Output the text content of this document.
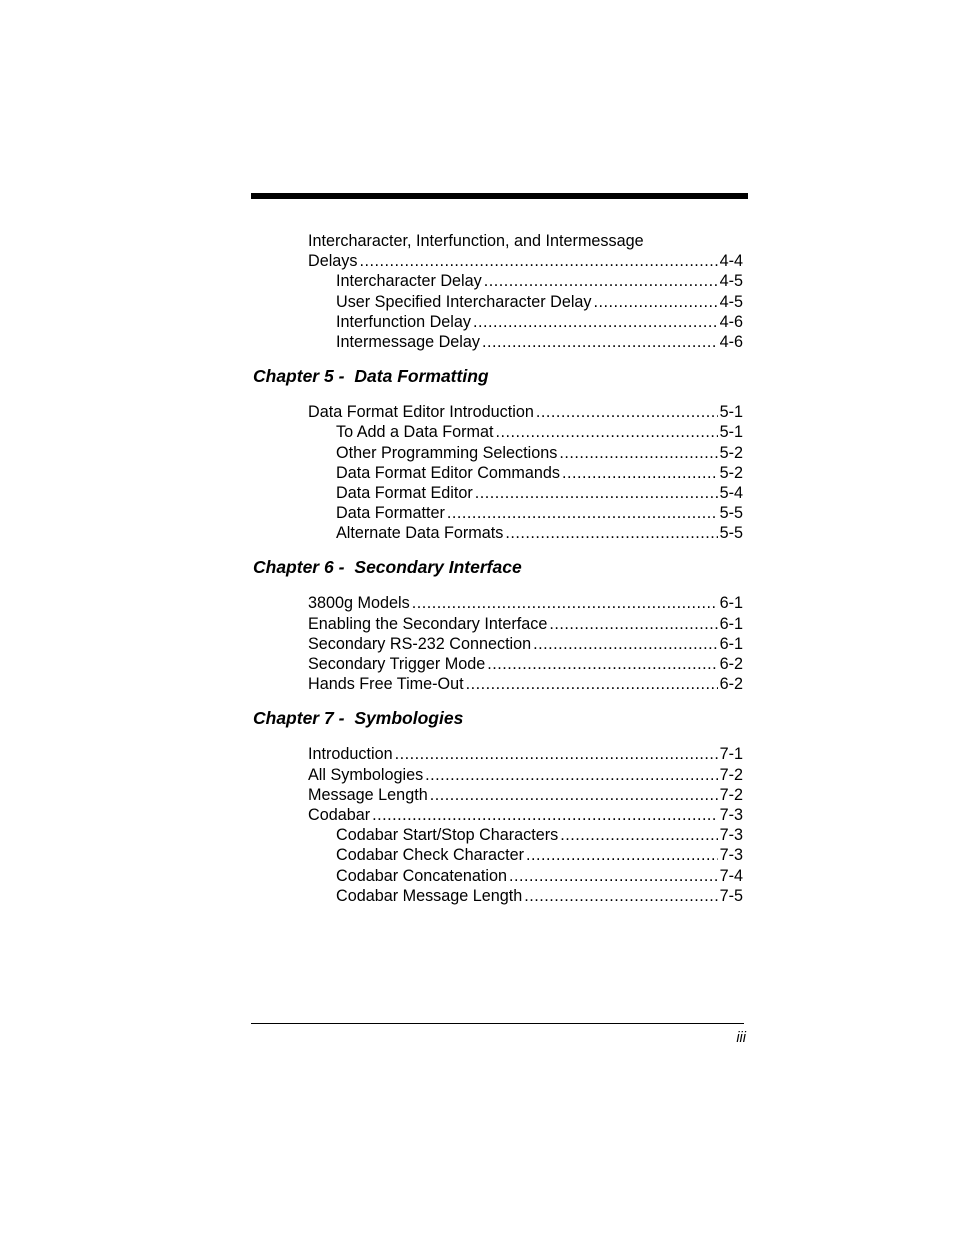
Intercharacter, Interfunction, and Intermessage
Delays .....	4-4
Intercharacter Delay .....	4-5
User Specified Intercharacter Delay .....	4-5
Interfunction Delay .....	4-6
Intermessage Delay .....	4-6
Chapter 5 - Data Formatting
Data Format Editor Introduction .....	5-1
To Add a Data Format .....	5-1
Other Programming Selections .....	5-2
Data Format Editor Commands .....	5-2
Data Format Editor .....	5-4
Data Formatter .....	5-5
Alternate Data Formats .....	5-5
Chapter 6 - Secondary Interface
3800g Models .....	6-1
Enabling the Secondary Interface .....	6-1
Secondary RS-232 Connection .....	6-1
Secondary Trigger Mode .....	6-2
Hands Free Time-Out .....	6-2
Chapter 7 - Symbologies
Introduction .....	7-1
All Symbologies .....	7-2
Message Length .....	7-2
Codabar .....	7-3
Codabar Start/Stop Characters .....	7-3
Codabar Check Character .....	7-3
Codabar Concatenation .....	7-4
Codabar Message Length .....	7-5
iii
